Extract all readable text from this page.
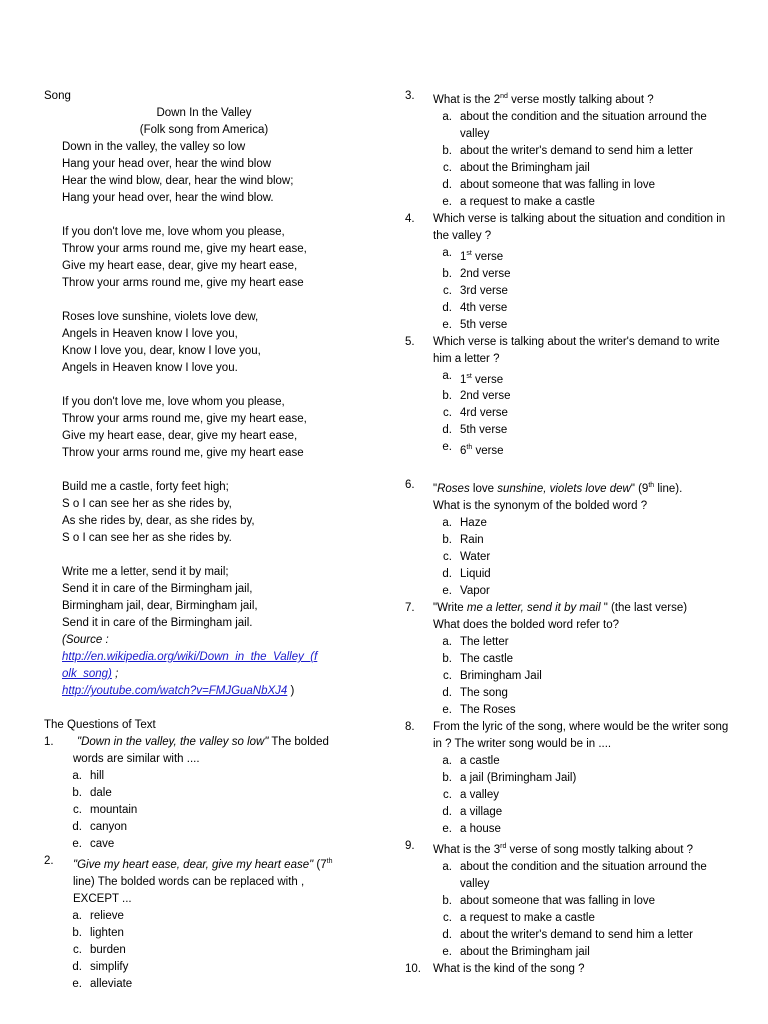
Song
Down In the Valley
(Folk song from America)
Down in the valley, the valley so low
Hang your head over, hear the wind blow
Hear the wind blow, dear, hear the wind blow;
Hang your head over, hear the wind blow.
If you don't love me, love whom you please,
Throw your arms round me, give my heart ease,
Give my heart ease, dear, give my heart ease,
Throw your arms round me, give my heart ease
Roses love sunshine, violets love dew,
Angels in Heaven know I love you,
Know I love you, dear, know I love you,
Angels in Heaven know I love you.
If you don't love me, love whom you please,
Throw your arms round me, give my heart ease,
Give my heart ease, dear, give my heart ease,
Throw your arms round me, give my heart ease
Build me a castle, forty feet high;
S o I can see her as she rides by,
As she rides by, dear, as she rides by,
S o I can see her as she rides by.
Write me a letter, send it by mail;
Send it in care of the Birmingham jail,
Birmingham jail, dear, Birmingham jail,
Send it in care of the Birmingham jail.
(Source :
http://en.wikipedia.org/wiki/Down_in_the_Valley_(f
olk_song) ;
http://youtube.com/watch?v=FMJGuaNbXJ4 )
The Questions of Text
1.	"Down in the valley, the valley so low" The bolded
words are similar with ....
a. hill
b. dale
c. mountain
d. canyon
e. cave
2.	"Give my heart ease, dear, give my heart ease" (7th
line) The bolded words can be replaced with ,
EXCEPT ...
a. relieve
b. lighten
c. burden
d. simplify
e. alleviate
3.	What is the 2nd verse mostly talking about ?
a. about the condition and the situation arround the valley
b. about the writer's demand to send him a letter
c. about the Brimingham jail
d. about someone that was falling in love
e. a request to make a castle
4.	Which verse is talking about the situation and condition in the valley ?
a. 1st verse
b. 2nd verse
c. 3rd verse
d. 4th verse
e. 5th verse
5.	Which verse is talking about the writer's demand to write him a letter ?
a. 1st verse
b. 2nd verse
c. 4rd verse
d. 5th verse
e. 6th verse
6.	"Roses love sunshine, violets love dew" (9th line).
What is the synonym of the bolded word ?
a. Haze
b. Rain
c. Water
d. Liquid
e. Vapor
7.	"Write me a letter, send it by mail " (the last verse)
What does the bolded word refer to?
a. The letter
b. The castle
c. Brimingham Jail
d. The song
e. The Roses
8.	From the lyric of the song, where would be the writer song in ? The writer song would be in ....
a. a castle
b. a jail (Brimingham Jail)
c. a valley
d. a village
e. a house
9.	What is the 3rd verse of song mostly talking about ?
a. about the condition and the situation arround the valley
b. about someone that was falling in love
c. a request to make a castle
d. about the writer's demand to send him a letter
e. about the Brimingham jail
10.	What is the kind of the song ?
